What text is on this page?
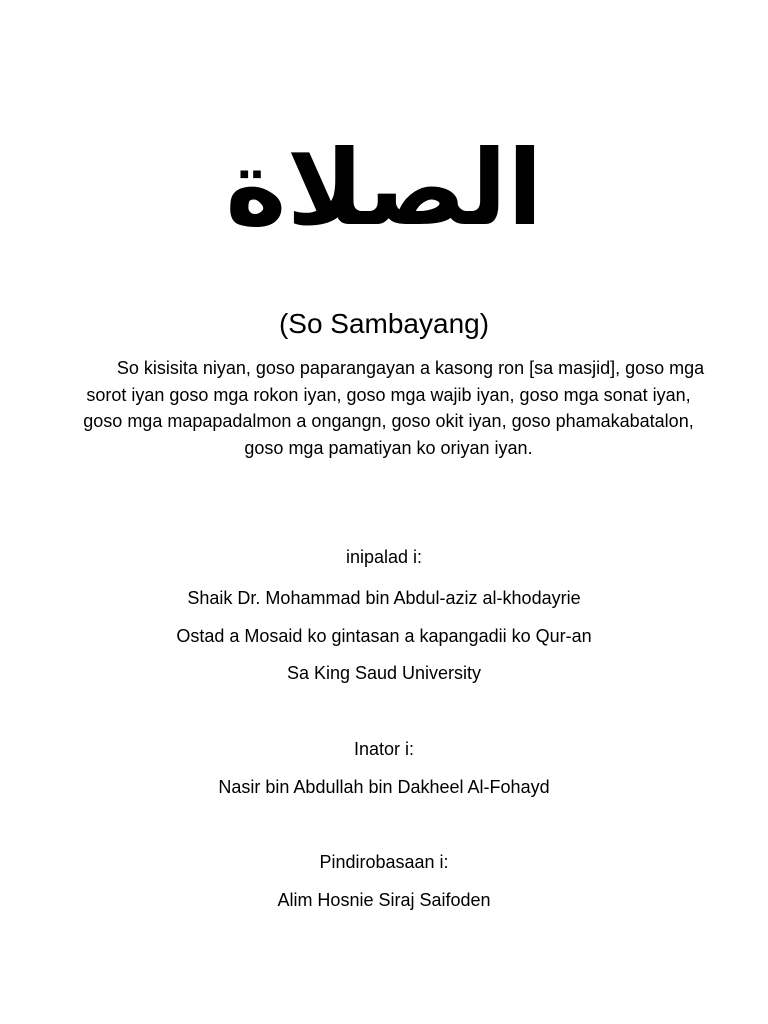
الصلاة
(So Sambayang)

So kisisita niyan, goso paparangayan a kasong ron [sa masjid], goso mga sorot iyan goso mga rokon iyan, goso mga wajib iyan, goso mga sonat iyan, goso mga mapapadalmon a ongangn, goso okit iyan, goso phamakabatalon, goso mga pamatiyan ko oriyan iyan.

inipalad i:
Shaik Dr. Mohammad bin Abdul-aziz al-khodayrie
Ostad a Mosaid ko gintasan a kapangadii ko Qur-an
Sa King Saud University
Inator i:
Nasir bin Abdullah bin Dakheel Al-Fohayd
Pindirobasaan i:
Alim Hosnie Siraj Saifoden
